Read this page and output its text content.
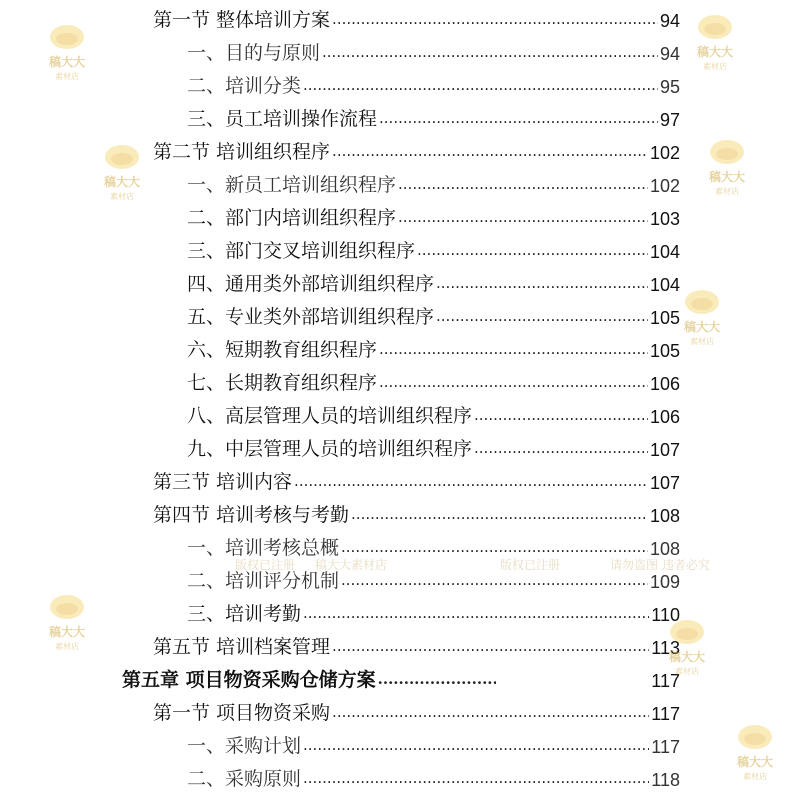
第一节 整体培训方案 .....	94
一、目的与原则 .....	94
二、培训分类 .....	95
三、员工培训操作流程 .....	97
第二节 培训组织程序 .....	102
一、新员工培训组织程序 .....	102
二、部门内培训组织程序 .....	103
三、部门交叉培训组织程序 .....	104
四、通用类外部培训组织程序 .....	104
五、专业类外部培训组织程序 .....	105
六、短期教育组织程序 .....	105
七、长期教育组织程序 .....	106
八、高层管理人员的培训组织程序 .....	106
九、中层管理人员的培训组织程序 .....	107
第三节 培训内容 .....	107
第四节 培训考核与考勤 .....	108
一、培训考核总概 .....	108
二、培训评分机制 .....	109
三、培训考勤 .....	110
第五节 培训档案管理 .....	113
第五章 项目物资采购仓储方案 .....	117
第一节 项目物资采购 .....	117
一、采购计划 .....	117
二、采购原则 .....	118
稿大大
素材店
稿大大
素材店
稿大大
素材店
稿大大
素材店
稿大大
素材店
稿大大
素材店
稿大大
素材店
稿大大
素材店
版权已注册 稿大大素材店	版权已注册	请勿盗图 违者必究
